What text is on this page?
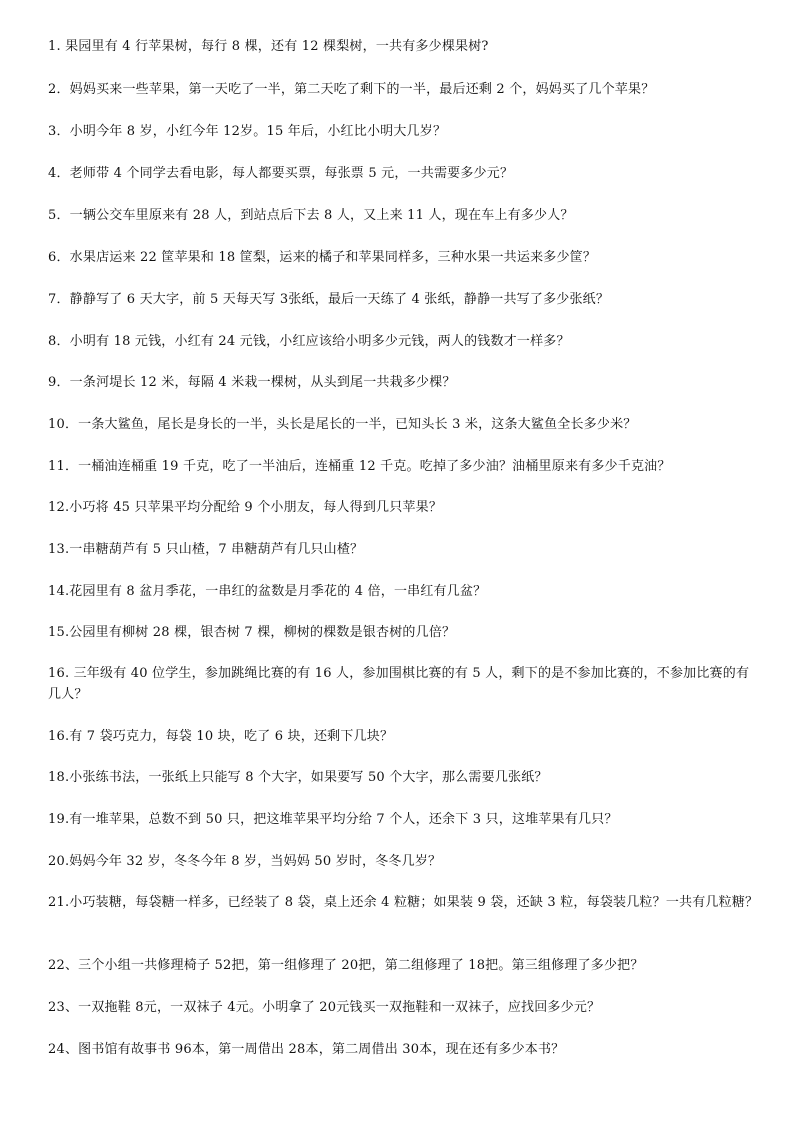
1. 果园里有 4 行苹果树，每行 8 棵，还有 12 棵梨树，一共有多少棵果树?
2．妈妈买来一些苹果，第一天吃了一半，第二天吃了剩下的一半，最后还剩 2 个，妈妈买了几个苹果？
3．小明今年 8 岁，小红今年 12岁。15 年后，小红比小明大几岁？
4．老师带 4 个同学去看电影，每人都要买票，每张票 5 元，一共需要多少元？
5．一辆公交车里原来有 28 人，到站点后下去 8 人，又上来 11 人，现在车上有多少人？
6．水果店运来 22 筐苹果和 18 筐梨，运来的橘子和苹果同样多，三种水果一共运来多少筐？
7．静静写了 6 天大字，前 5 天每天写 3张纸，最后一天练了 4 张纸，静静一共写了多少张纸？
8．小明有 18 元钱，小红有 24 元钱，小红应该给小明多少元钱，两人的钱数才一样多？
9．一条河堤长 12 米，每隔 4 米栽一棵树，从头到尾一共栽多少棵？
10．一条大鲨鱼，尾长是身长的一半，头长是尾长的一半，已知头长 3 米，这条大鲨鱼全长多少米？
11．一桶油连桶重 19 千克，吃了一半油后，连桶重 12 千克。吃掉了多少油？油桶里原来有多少千克油？
12.小巧将 45 只苹果平均分配给 9 个小朋友，每人得到几只苹果？
13.一串糖葫芦有 5 只山楂，7 串糖葫芦有几只山楂？
14.花园里有 8 盆月季花，一串红的盆数是月季花的 4 倍，一串红有几盆？
15.公园里有柳树 28 棵，银杏树 7 棵，柳树的棵数是银杏树的几倍？
16. 三年级有 40 位学生，参加跳绳比赛的有 16 人，参加围棋比赛的有 5 人，剩下的是不参加比赛的，不参加比赛的有几人？
16.有 7 袋巧克力，每袋 10 块，吃了 6 块，还剩下几块？
18.小张练书法，一张纸上只能写 8 个大字，如果要写 50 个大字，那么需要几张纸？
19.有一堆苹果，总数不到 50 只，把这堆苹果平均分给 7 个人，还余下 3 只，这堆苹果有几只？
20.妈妈今年 32 岁，冬冬今年 8 岁，当妈妈 50 岁时，冬冬几岁？
21.小巧装糖，每袋糖一样多，已经装了 8 袋，桌上还余 4 粒糖；如果装 9 袋，还缺 3 粒，每袋装几粒？一共有几粒糖？
22、三个小组一共修理椅子 52把，第一组修理了 20把，第二组修理了 18把。第三组修理了多少把？
23、一双拖鞋 8元，一双袜子 4元。小明拿了 20元钱买一双拖鞋和一双袜子，应找回多少元？
24、图书馆有故事书 96本，第一周借出 28本，第二周借出 30本，现在还有多少本书？
